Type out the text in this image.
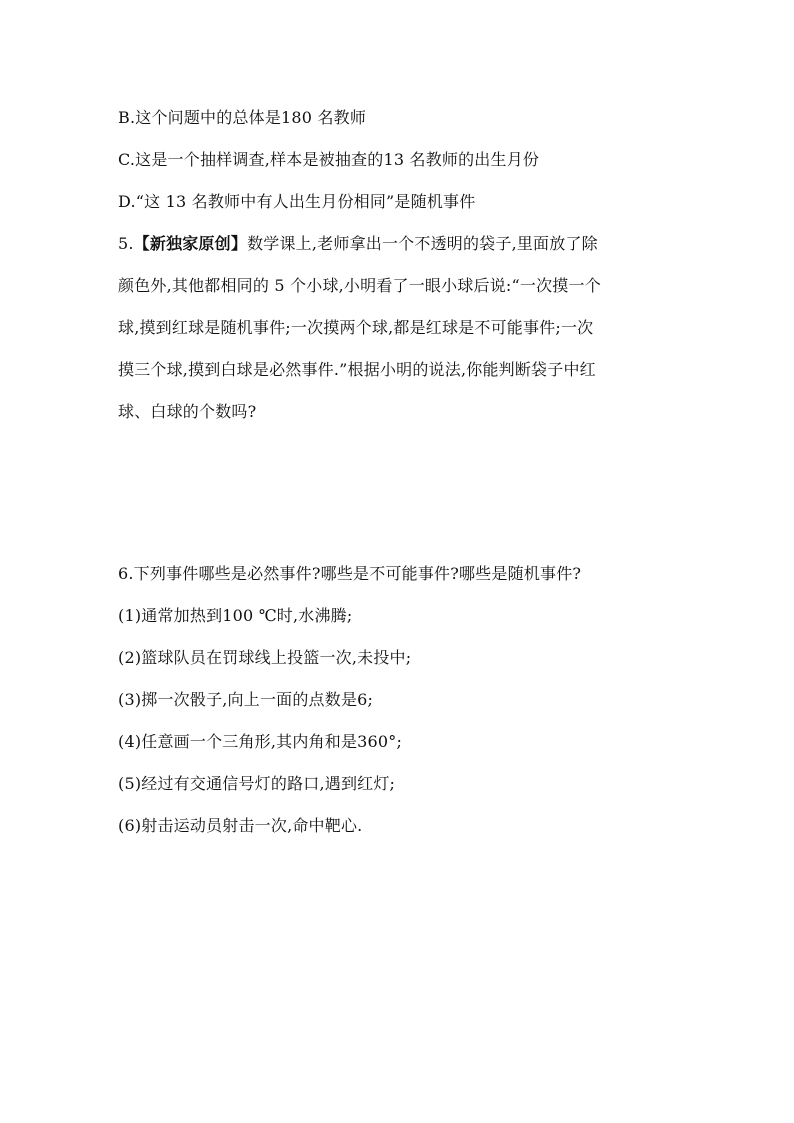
B.这个问题中的总体是180 名教师
C.这是一个抽样调查,样本是被抽查的13 名教师的出生月份
D.“这 13 名教师中有人出生月份相同”是随机事件
5.【新独家原创】数学课上,老师拿出一个不透明的袋子,里面放了除
颜色外,其他都相同的 5 个小球,小明看了一眼小球后说:“一次摸一个
球,摸到红球是随机事件;一次摸两个球,都是红球是不可能事件;一次
摸三个球,摸到白球是必然事件.”根据小明的说法,你能判断袋子中红
球、白球的个数吗?
6.下列事件哪些是必然事件?哪些是不可能事件?哪些是随机事件?
(1)通常加热到100 ℃时,水沸腾;
(2)篮球队员在罚球线上投篮一次,未投中;
(3)掷一次骰子,向上一面的点数是6;
(4)任意画一个三角形,其内角和是360°;
(5)经过有交通信号灯的路口,遇到红灯;
(6)射击运动员射击一次,命中靶心.
